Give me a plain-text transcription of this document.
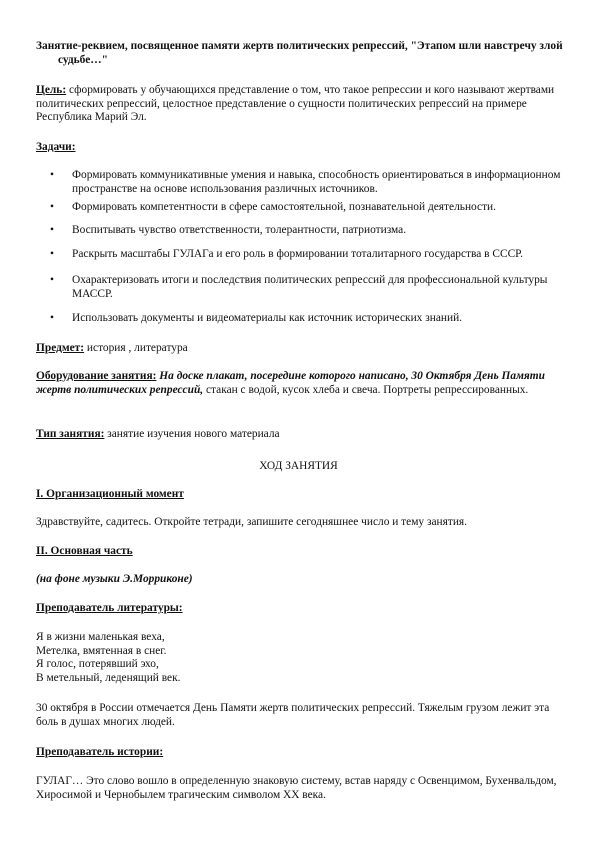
Занятие-реквием, посвященное памяти жертв политических репрессий, "Этапом шли навстречу злой судьбе…"

Цель: сформировать у обучающихся представление о том, что такое репрессии и кого называют жертвами политических репрессий, целостное представление о сущности политических репрессий на примере Республика Марий Эл.

Задачи:

• Формировать коммуникативные умения и навыка, способность ориентироваться в информационном пространстве на основе использования различных источников.
• Формировать компетентности в сфере самостоятельной, познавательной деятельности.
• Воспитывать чувство ответственности, толерантности, патриотизма.
• Раскрыть масштабы ГУЛАГа и его роль в формировании тоталитарного государства в СССР.
• Охарактеризовать итоги и последствия политических репрессий для профессиональной культуры МАССР.
• Использовать документы и видеоматериалы как источник исторических знаний.

Предмет: история , литература

Оборудование занятия: На доске плакат, посередине которого написано, 30 Октября День Памяти жертв политических репрессий, стакан с водой, кусок хлеба и свеча. Портреты репрессированных.

Тип занятия: занятие изучения нового материала

ХОД ЗАНЯТИЯ

I. Организационный момент

Здравствуйте, садитесь. Откройте тетради, запишите сегодняшнее число и тему занятия.

II. Основная часть

(на фоне музыки Э.Морриконе)

Преподаватель литературы:

Я в жизни маленькая веха,
Метелка, вмятенная в снег.
Я голос, потерявший эхо,
В метельный, леденящий век.

30 октября в России отмечается День Памяти жертв политических репрессий. Тяжелым грузом лежит эта боль в душах многих людей.

Преподаватель истории:

ГУЛАГ… Это слово вошло в определенную знаковую систему, встав наряду с Освенцимом, Бухенвальдом, Хиросимой и Чернобылем трагическим символом XX века.
